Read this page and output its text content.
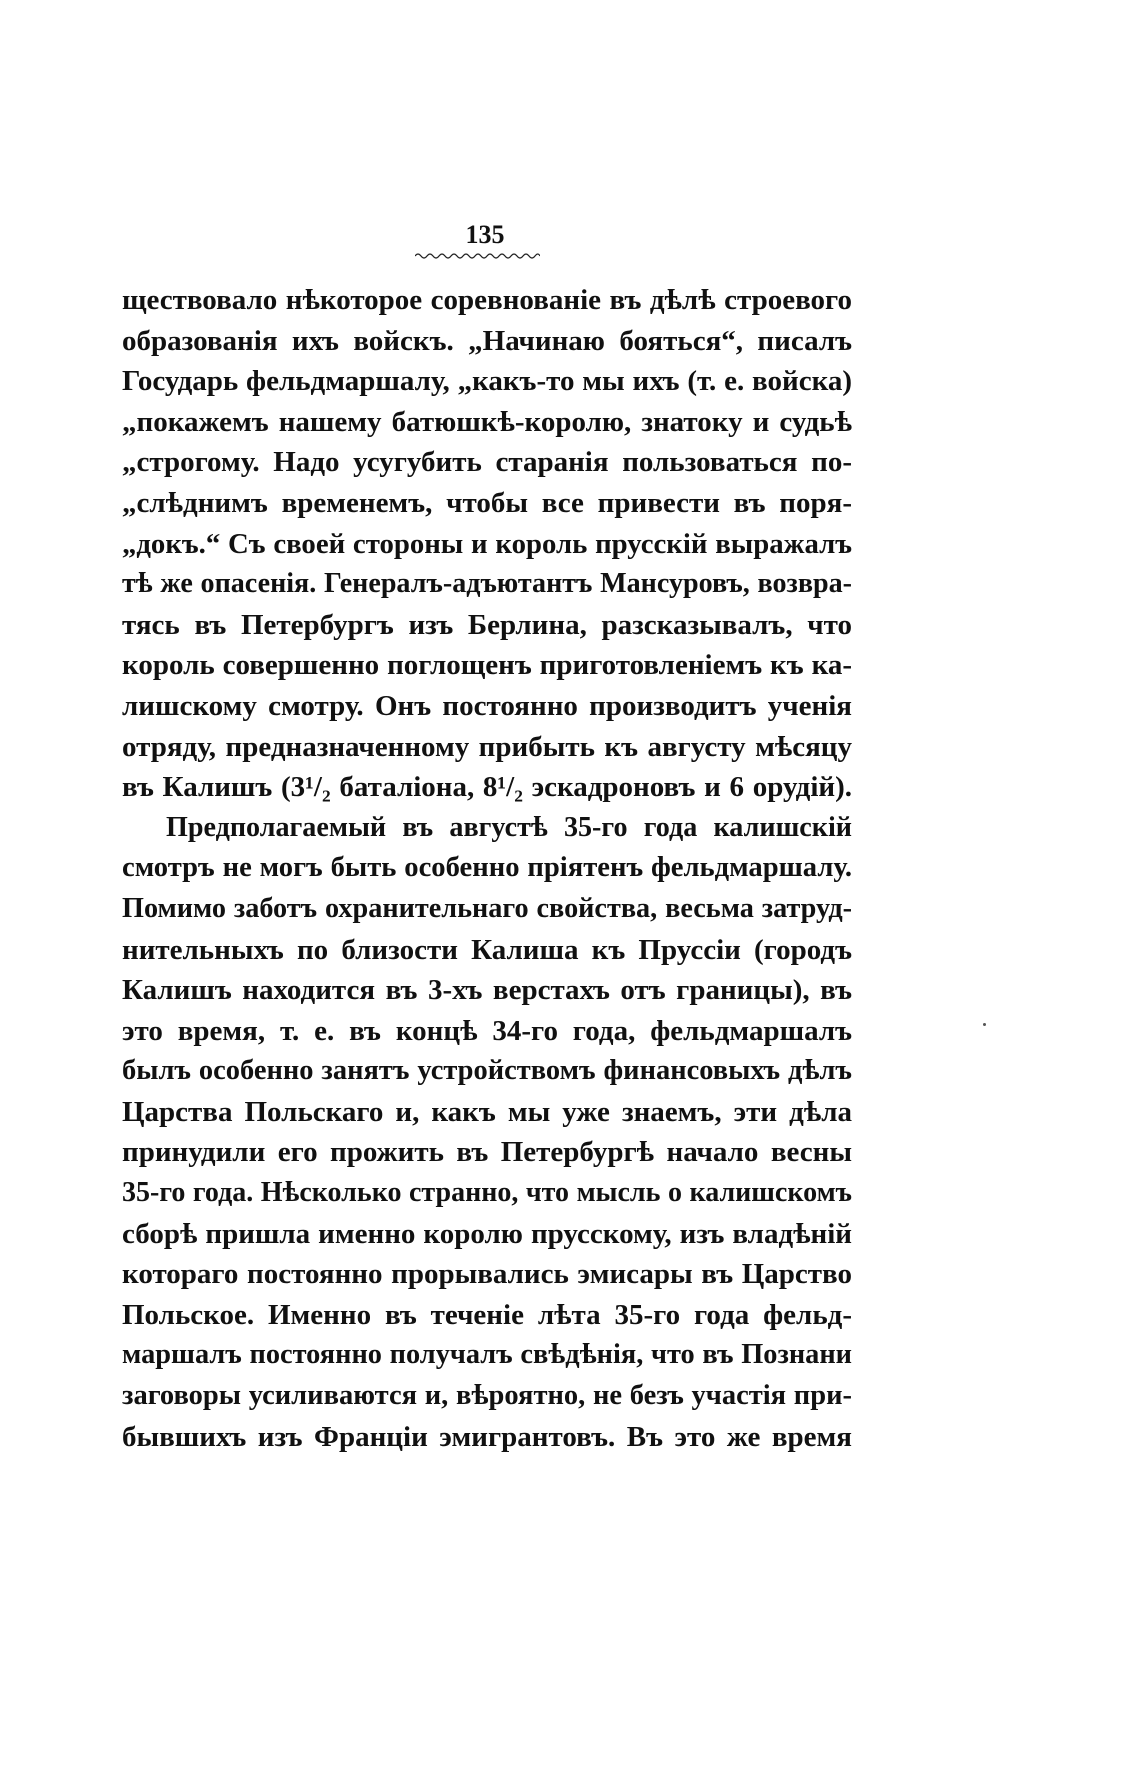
135
ществовало нѣкоторое соревнованіе въ дѣлѣ строевого
образованія ихъ войскъ. „Начинаю бояться“, писалъ
Государь фельдмаршалу, „какъ-то мы ихъ (т. е. войска)
„покажемъ нашему батюшкѣ-королю, знатоку и судьѣ
„строгому. Надо усугубить старанія пользоваться по-
„слѣднимъ временемъ, чтобы все привести въ поря-
„докъ.“ Съ своей стороны и король прусскій выражалъ
тѣ же опасенія. Генералъ-адъютантъ Мансуровъ, возвра-
тясь въ Петербургъ изъ Берлина, разсказывалъ, что
король совершенно поглощенъ приготовленіемъ къ ка-
лишскому смотру. Онъ постоянно производитъ ученія
отряду, предназначенному прибыть къ августу мѣсяцу
въ Калишъ (3¹/₂ баталіона, 8¹/₂ эскадроновъ и 6 орудій).
Предполагаемый въ августѣ 35-го года калишскій
смотръ не могъ быть особенно пріятенъ фельдмаршалу.
Помимо заботъ охранительнаго свойства, весьма затруд-
нительныхъ по близости Калиша къ Пруссіи (городъ
Калишъ находится въ 3-хъ верстахъ отъ границы), въ
это время, т. е. въ концѣ 34-го года, фельдмаршалъ
былъ особенно занятъ устройствомъ финансовыхъ дѣлъ
Царства Польскаго и, какъ мы уже знаемъ, эти дѣла
принудили его прожить въ Петербургѣ начало весны
35-го года. Нѣсколько странно, что мысль о калишскомъ
сборѣ пришла именно королю прусскому, изъ владѣній
котораго постоянно прорывались эмисары въ Царство
Польское. Именно въ теченіе лѣта 35-го года фельд-
маршалъ постоянно получалъ свѣдѣнія, что въ Познани
заговоры усиливаются и, вѣроятно, не безъ участія при-
бывшихъ изъ Франціи эмигрантовъ. Въ это же время
